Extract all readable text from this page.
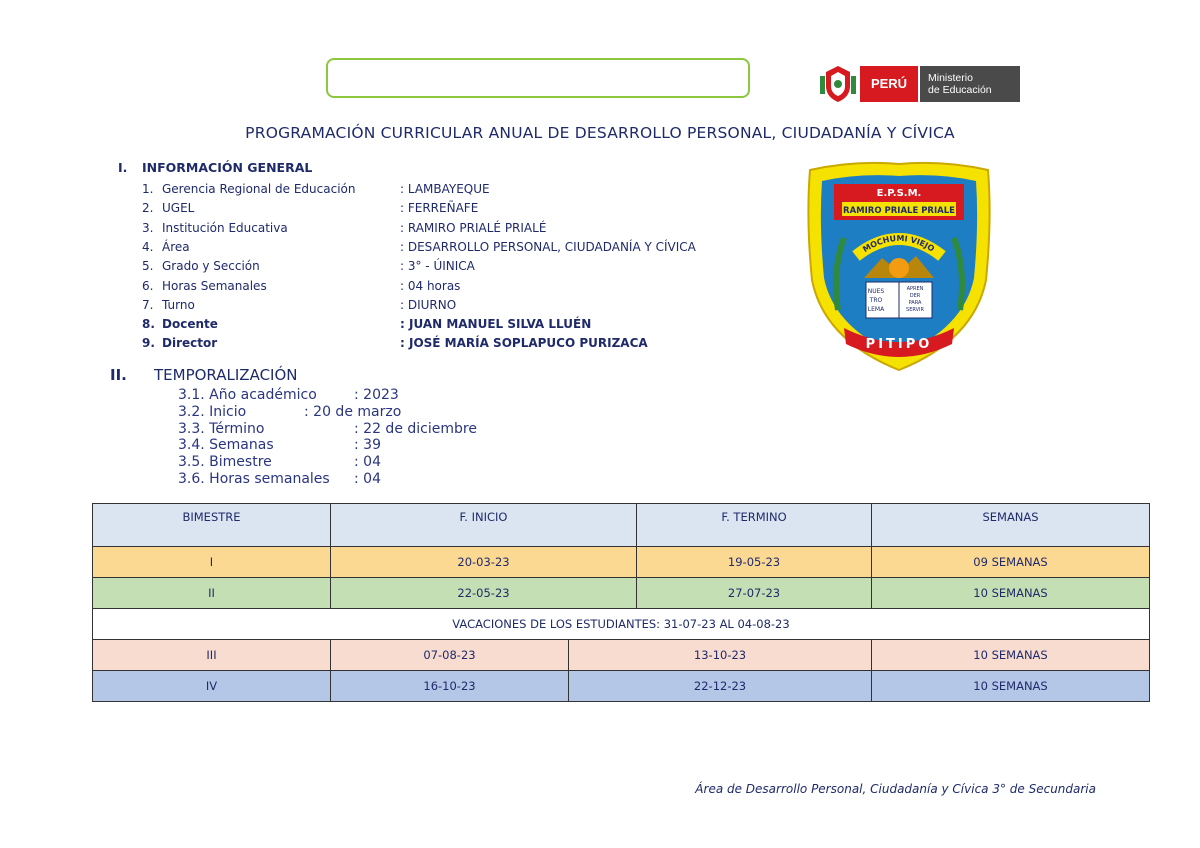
PERÚ	Ministerio
de Educación
PROGRAMACIÓN CURRICULAR ANUAL DE DESARROLLO PERSONAL, CIUDADANÍA Y CÍVICA
I. INFORMACIÓN GENERAL
1. Gerencia Regional de Educación	: LAMBAYEQUE
2. UGEL	: FERREÑAFE
3. Institución Educativa	: RAMIRO PRIALÉ PRIALÉ
4. Área	: DESARROLLO PERSONAL, CIUDADANÍA Y CÍVICA
5. Grado y Sección	: 3° - ÚINICA
6. Horas Semanales	: 04 horas
7. Turno	: DIURNO
8. Docente	: JUAN MANUEL SILVA LLUÉN
9. Director	: JOSÉ MARÍA SOPLAPUCO PURIZACA
E.P.S.M.
RAMIRO PRIALE PRIALE
MOCHUMI VIEJO
NUES
TRO
LEMA
APREN
DER
PARA
SERVIR
PITIPO
II. TEMPORALIZACIÓN
3.1. Año académico	: 2023
3.2. Inicio	: 20 de marzo
3.3. Término	: 22 de diciembre
3.4. Semanas	: 39
3.5. Bimestre	: 04
3.6. Horas semanales : 04
BIMESTRE	F. INICIO		F. TERMINO	SEMANAS
I	20-03-23		19-05-23	09 SEMANAS
II	22-05-23		27-07-23	10 SEMANAS
VACACIONES DE LOS ESTUDIANTES: 31-07-23 AL 04-08-23				
III	07-08-23	13-10-23		10 SEMANAS
IV	16-10-23	22-12-23		10 SEMANAS
Área de Desarrollo Personal, Ciudadanía y Cívica 3° de Secundaria
